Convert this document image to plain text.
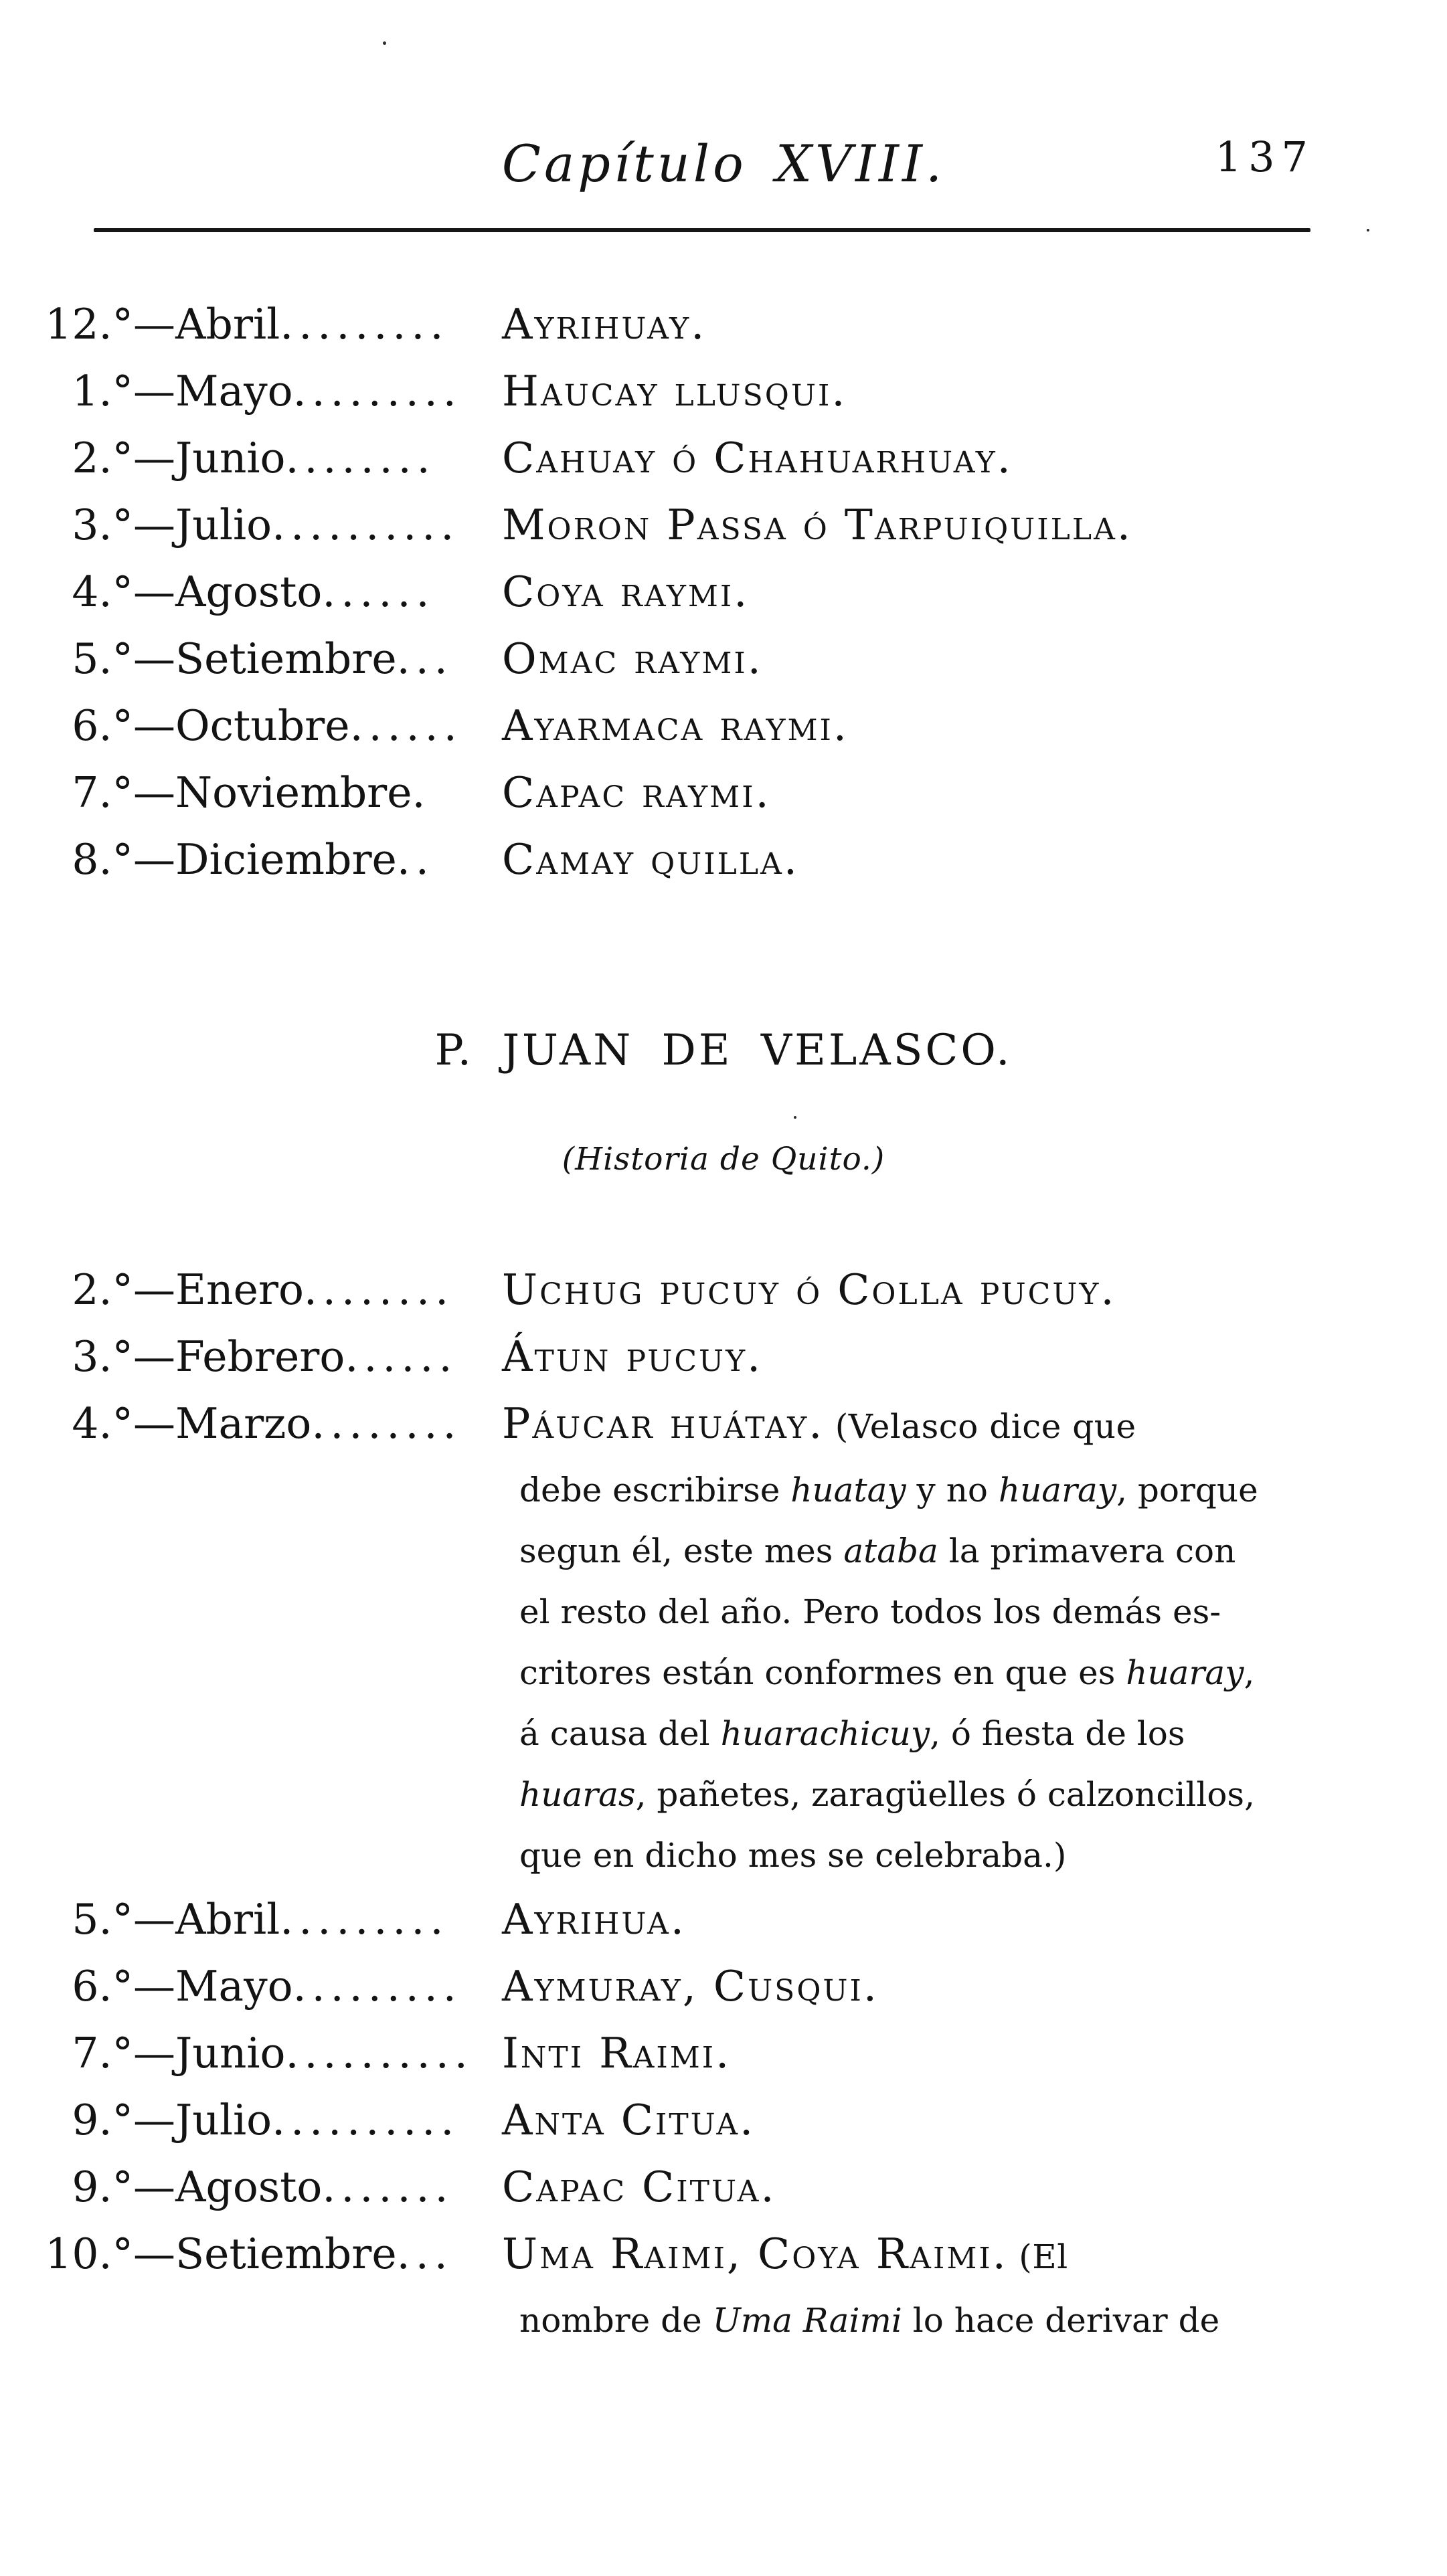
Capítulo XVIII.	137
12.°— Abril.........	Ayrihuay.
1.°— Mayo......... Haucay llusqui.
2.°— Junio........	Cahuay ó Chahuarhuay.
3.°— Julio..........	Moron Passa ó Tarpuiquilla.
4.°— Agosto......	Coya raymi.
5.°— Setiembre...	Omac raymi.
6.°— Octubre...... Ayarmaca raymi.
7.°— Noviembre.	Capac raymi.
8.°— Diciembre..	Camay quilla.
P. JUAN DE VELASCO.
(Historia de Quito.)
2.°— Enero........	Uchug pucuy ó Colla pucuy.
3.°— Febrero......	Átun pucuy.
4.°— Marzo........ Páucar huátay. (Velasco dice que
debe escribirse huatay y no huaray, porque
segun él, este mes ataba la primavera con
el resto del año. Pero todos los demás es-
critores están conformes en que es huaray,
á causa del huarachicuy, ó fiesta de los
huaras, pañetes, zaragüelles ó calzoncillos,
que en dicho mes se celebraba.)
5.°— Abril.........	Ayrihua.
6.°— Mayo......... Aymuray, Cusqui.
7.°— Junio.......... Inti Raimi.
9.°— Julio..........	Anta Citua.
9.°— Agosto.......	Capac Citua.
10.°— Setiembre...	Uma Raimi, Coya Raimi. (El
nombre de Uma Raimi lo hace derivar de
